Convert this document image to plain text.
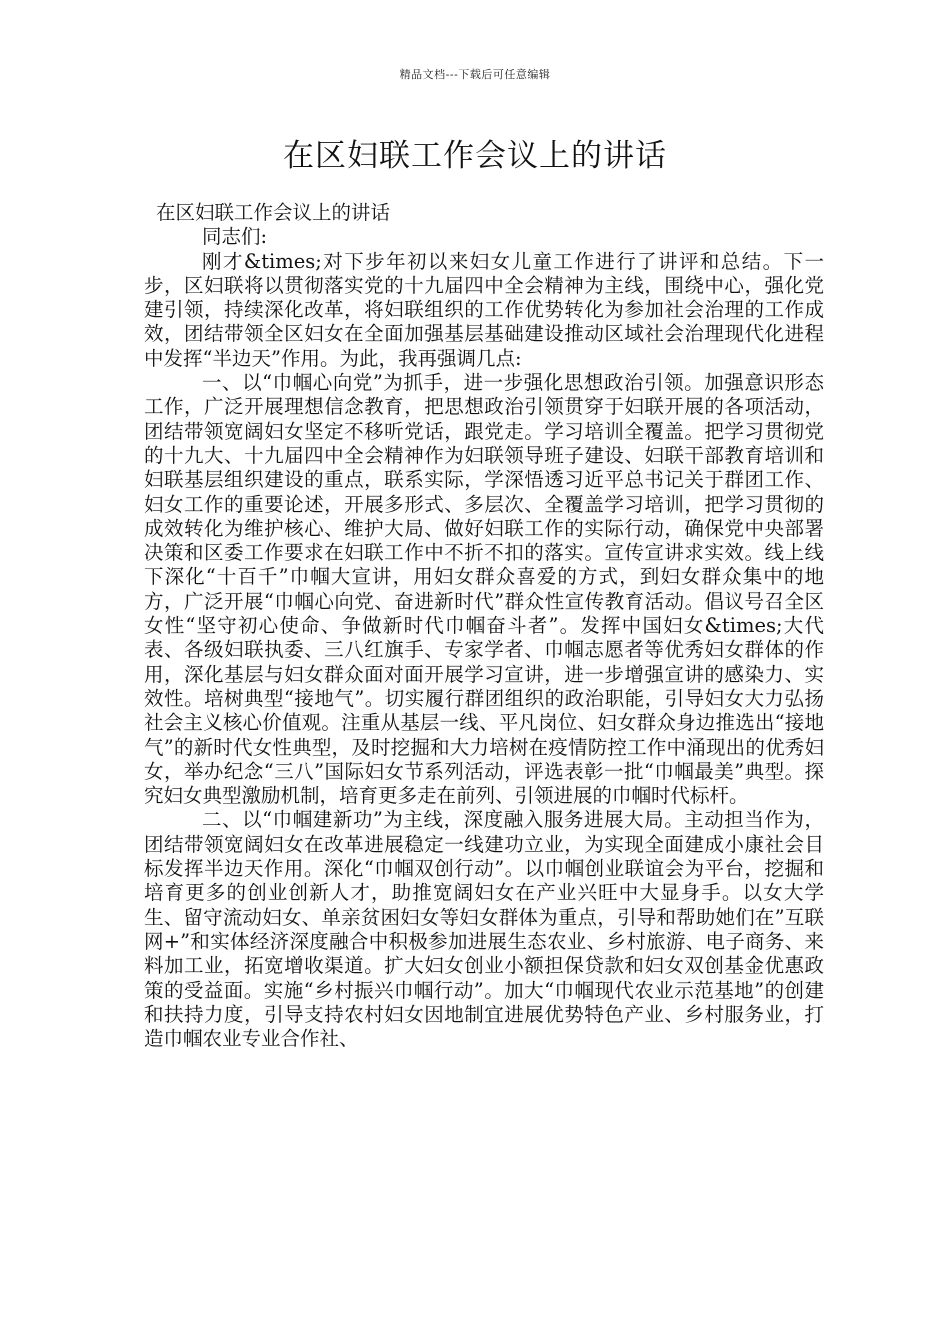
精品文档---下载后可任意编辑
在区妇联工作会议上的讲话

在区妇联工作会议上的讲话

同志们:

刚才&times;对下步年初以来妇女儿童工作进行了讲评和总结。下一步，区妇联将以贯彻落实党的十九届四中全会精神为主线，围绕中心，强化党建引领，持续深化改革，将妇联组织的工作优势转化为参加社会治理的工作成效，团结带领全区妇女在全面加强基层基础建设推动区域社会治理现代化进程中发挥“半边天”作用。为此，我再强调几点:

一、以“巾帼心向党”为抓手，进一步强化思想政治引领。加强意识形态工作，广泛开展理想信念教育，把思想政治引领贯穿于妇联开展的各项活动，团结带领宽阔妇女坚定不移听党话，跟党走。学习培训全覆盖。把学习贯彻党的十九大、十九届四中全会精神作为妇联领导班子建设、妇联干部教育培训和妇联基层组织建设的重点，联系实际，学深悟透习近平总书记关于群团工作、妇女工作的重要论述，开展多形式、多层次、全覆盖学习培训，把学习贯彻的成效转化为维护核心、维护大局、做好妇联工作的实际行动，确保党中央部署决策和区委工作要求在妇联工作中不折不扣的落实。宣传宣讲求实效。线上线下深化“十百千”巾帼大宣讲，用妇女群众喜爱的方式，到妇女群众集中的地方，广泛开展“巾帼心向党、奋进新时代”群众性宣传教育活动。倡议号召全区女性“坚守初心使命、争做新时代巾帼奋斗者”。发挥中国妇女&times;大代表、各级妇联执委、三八红旗手、专家学者、巾帼志愿者等优秀妇女群体的作用，深化基层与妇女群众面对面开展学习宣讲，进一步增强宣讲的感染力、实效性。培树典型“接地气”。切实履行群团组织的政治职能，引导妇女大力弘扬社会主义核心价值观。注重从基层一线、平凡岗位、妇女群众身边推选出“接地气”的新时代女性典型，及时挖掘和大力培树在疫情防控工作中涌现出的优秀妇女，举办纪念“三八”国际妇女节系列活动，评选表彰一批“巾帼最美”典型。探究妇女典型激励机制，培育更多走在前列、引领进展的巾帼时代标杆。

二、以“巾帼建新功”为主线，深度融入服务进展大局。主动担当作为，团结带领宽阔妇女在改革进展稳定一线建功立业，为实现全面建成小康社会目标发挥半边天作用。深化“巾帼双创行动”。以巾帼创业联谊会为平台，挖掘和培育更多的创业创新人才，助推宽阔妇女在产业兴旺中大显身手。以女大学生、留守流动妇女、单亲贫困妇女等妇女群体为重点，引导和帮助她们在”互联网+”和实体经济深度融合中积极参加进展生态农业、乡村旅游、电子商务、来料加工业，拓宽增收渠道。扩大妇女创业小额担保贷款和妇女双创基金优惠政策的受益面。实施“乡村振兴巾帼行动”。加大“巾帼现代农业示范基地”的创建和扶持力度，引导支持农村妇女因地制宜进展优势特色产业、乡村服务业，打造巾帼农业专业合作社、
